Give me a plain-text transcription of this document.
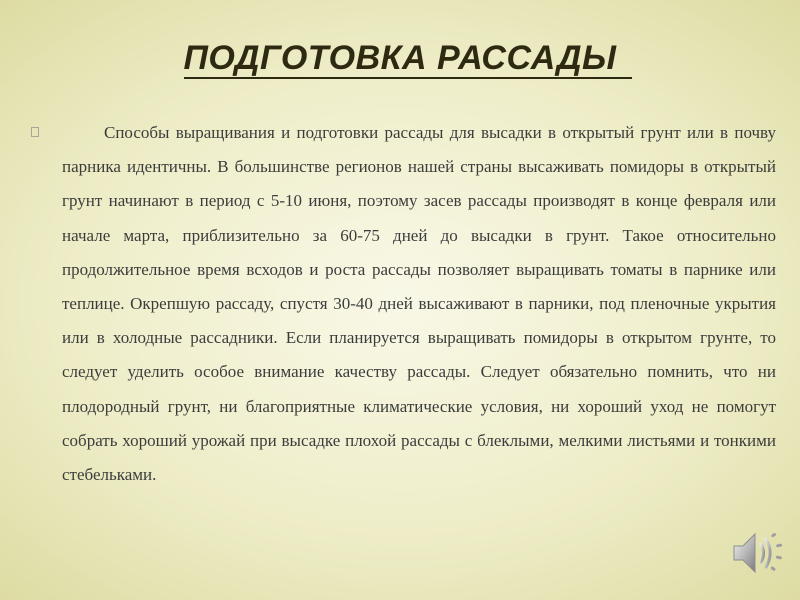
ПОДГОТОВКА РАССАДЫ

Способы выращивания и подготовки рассады для высадки в открытый грунт или в почву парника идентичны. В большинстве регионов нашей страны высаживать помидоры в открытый грунт начинают в период с 5-10 июня, поэтому засев рассады производят в конце февраля или начале марта, приблизительно за 60-75 дней до высадки в грунт. Такое относительно продолжительное время всходов и роста рассады позволяет выращивать томаты в парнике или теплице. Окрепшую рассаду, спустя 30-40 дней высаживают в парники, под пленочные укрытия или в холодные рассадники. Если планируется выращивать помидоры в открытом грунте, то следует уделить особое внимание качеству рассады. Следует обязательно помнить, что ни плодородный грунт, ни благоприятные климатические условия, ни хороший уход не помогут собрать хороший урожай при высадке плохой рассады с блеклыми, мелкими листьями и тонкими стебельками.
